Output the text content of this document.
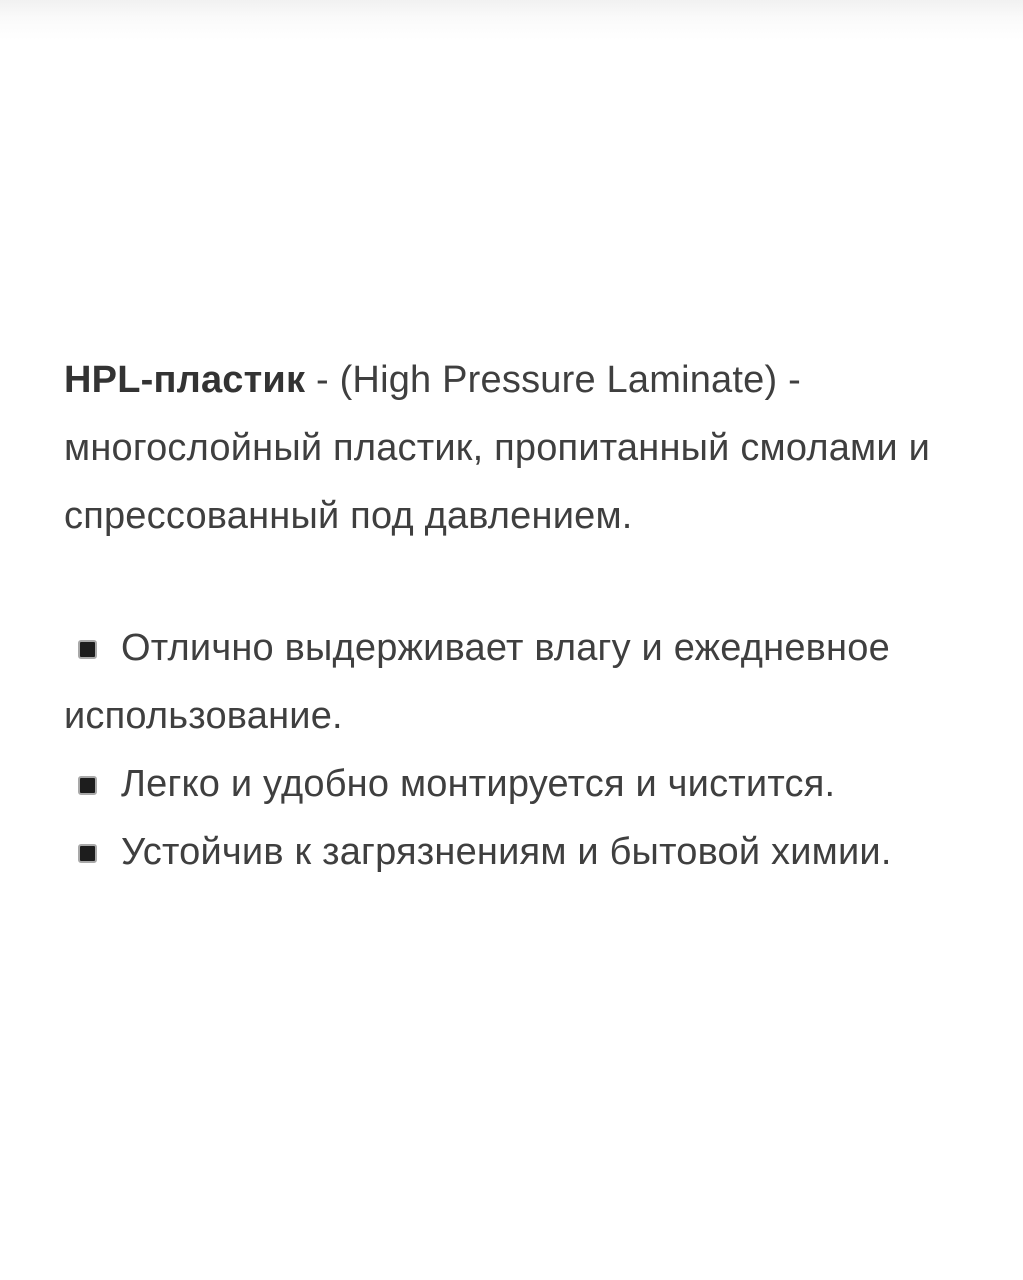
HPL-пластик - (High Pressure Laminate) - многослойный пластик, пропитанный смолами и спрессованный под давлением.

Отлично выдерживает влагу и ежедневное использование.
Легко и удобно монтируется и чистится.
Устойчив к загрязнениям и бытовой химии.
